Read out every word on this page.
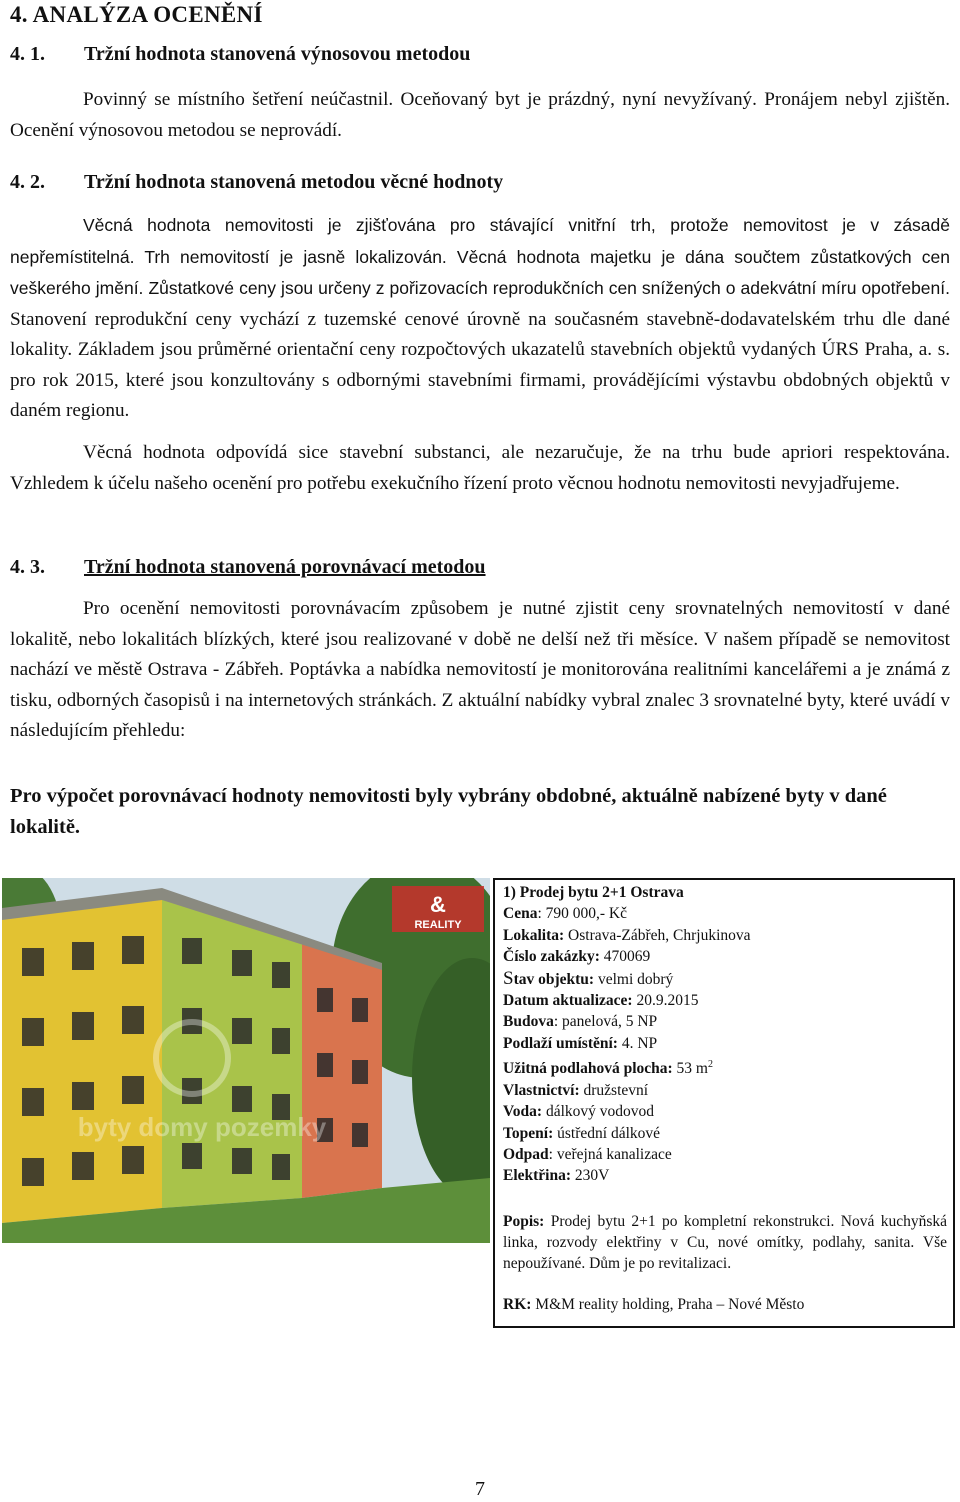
4. ANALÝZA OCENĚNÍ
4. 1. Tržní hodnota stanovená výnosovou metodou
Povinný se místního šetření neúčastnil. Oceňovaný byt je prázdný, nyní nevyžívaný. Pronájem nebyl zjištěn. Ocenění výnosovou metodou se neprovádí.
4. 2. Tržní hodnota stanovená metodou věcné hodnoty
Věcná hodnota nemovitosti je zjišťována pro stávající vnitřní trh, protože nemovitost je v zásadě nepřemístitelná. Trh nemovitostí je jasně lokalizován. Věcná hodnota majetku je dána součtem zůstatkových cen veškerého jmění. Zůstatkové ceny jsou určeny z pořizovacích reprodukčních cen snížených o adekvátní míru opotřebení. Stanovení reprodukční ceny vychází z tuzemské cenové úrovně na současném stavebně-dodavatelském trhu dle dané lokality. Základem jsou průměrné orientační ceny rozpočtových ukazatelů stavebních objektů vydaných ÚRS Praha, a. s. pro rok 2015, které jsou konzultovány s odbornými stavebními firmami, provádějícími výstavbu obdobných objektů v daném regionu.
Věcná hodnota odpovídá sice stavební substanci, ale nezaručuje, že na trhu bude apriori respektována. Vzhledem k účelu našeho ocenění pro potřebu exekučního řízení proto věcnou hodnotu nemovitosti nevyjadřujeme.
4. 3. Tržní hodnota stanovená porovnávací metodou
Pro ocenění nemovitosti porovnávacím způsobem je nutné zjistit ceny srovnatelných nemovitostí v dané lokalitě, nebo lokalitách blízkých, které jsou realizované v době ne delší než tři měsíce. V našem případě se nemovitost nachází ve městě Ostrava - Zábřeh. Poptávka a nabídka nemovitostí je monitorována realitními kancelářemi a je známá z tisku, odborných časopisů i na internetových stránkách. Z aktuální nabídky vybral znalec 3 srovnatelné byty, které uvádí v následujícím přehledu:
Pro výpočet porovnávací hodnoty nemovitosti byly vybrány obdobné, aktuálně nabízené byty v dané lokalitě.
&
REALITY
byty domy pozemky
1) Prodej bytu 2+1 Ostrava
Cena: 790 000,- Kč
Lokalita: Ostrava-Zábřeh, Chrjukinova
Číslo zakázky: 470069
Stav objektu: velmi dobrý
Datum aktualizace: 20.9.2015
Budova: panelová, 5 NP
Podlaží umístění: 4. NP
Užitná podlahová plocha: 53 $m^2$
Vlastnictví: družstevní
Voda: dálkový vodovod
Topení: ústřední dálkové
Odpad: veřejná kanalizace
Elektřina: 230V
Popis: Prodej bytu 2+1 po kompletní rekonstrukci. Nová kuchyňská linka, rozvody elektřiny v Cu, nové omítky, podlahy, sanita. Vše nepoužívané. Dům je po revitalizaci.
RK: M&M reality holding, Praha – Nové Město
7
